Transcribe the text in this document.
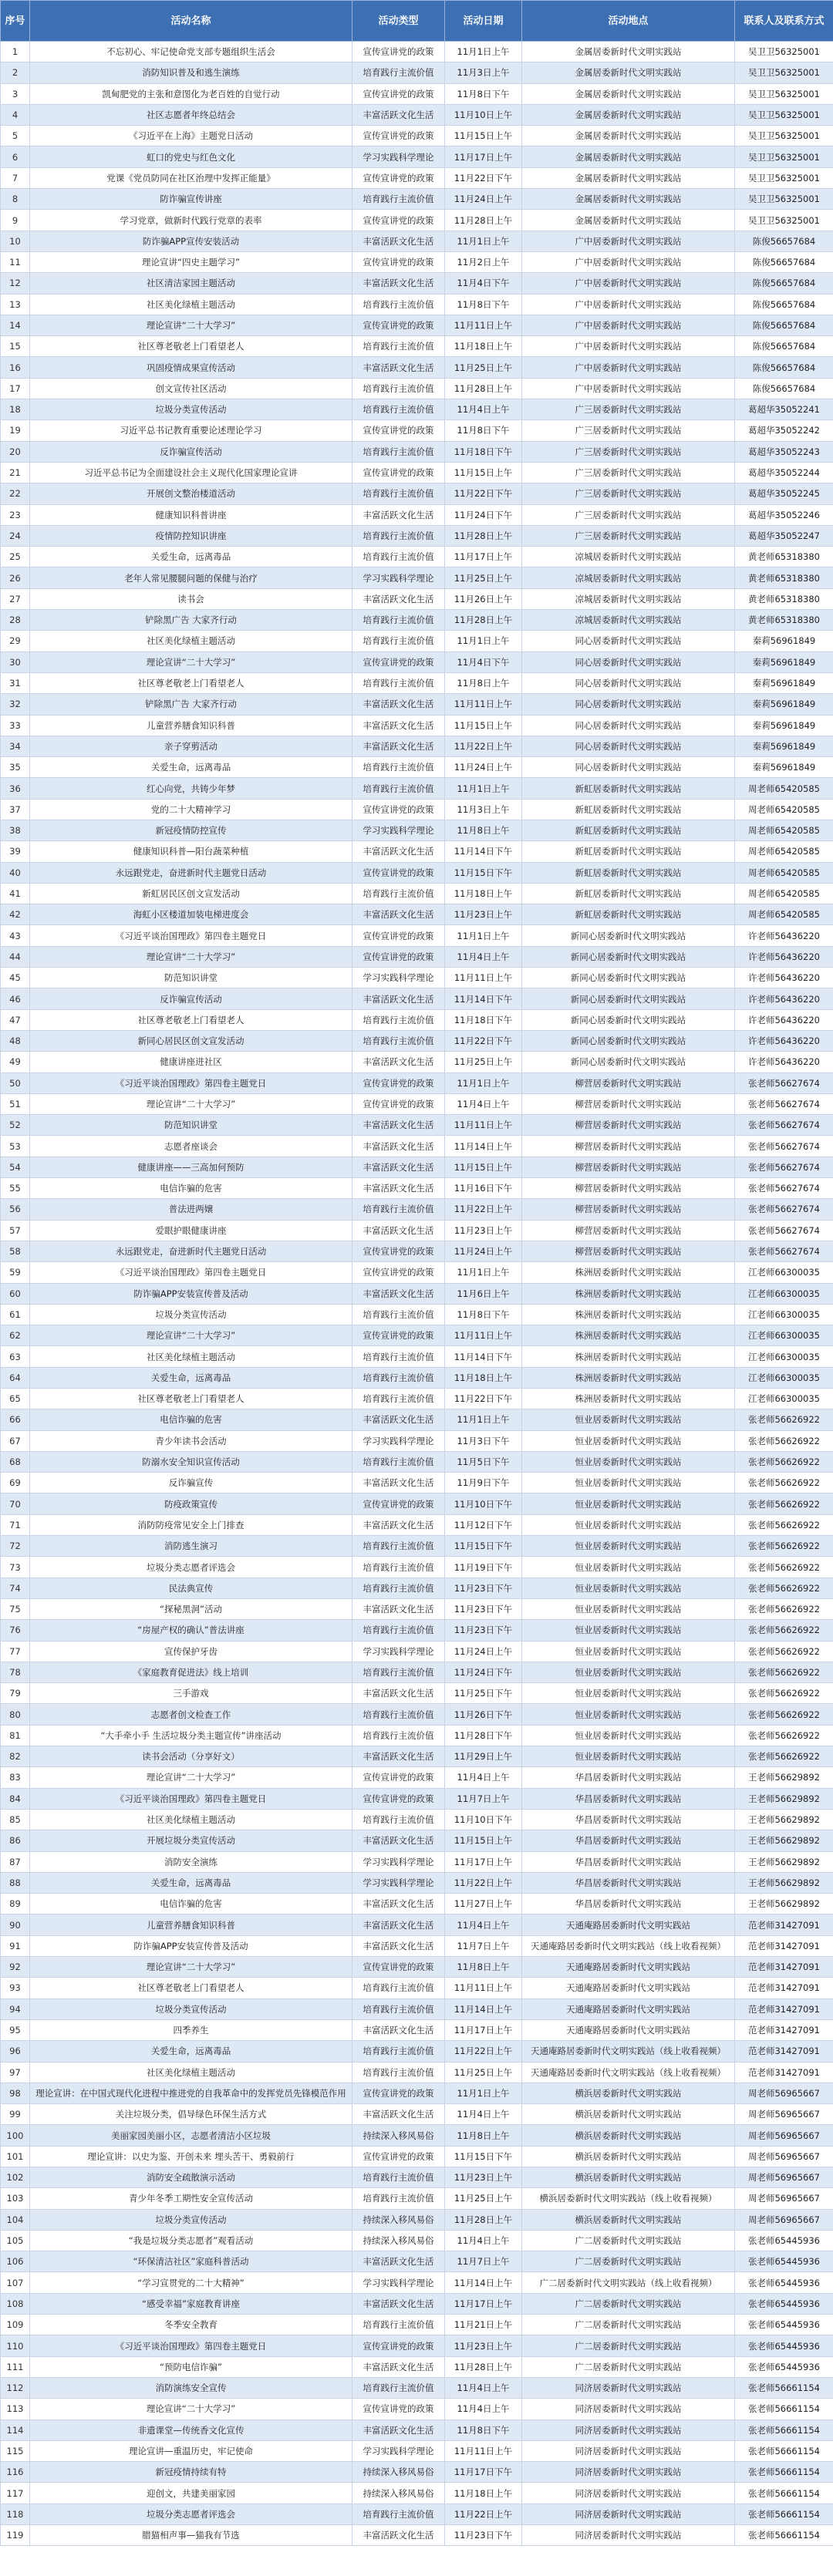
序号	活动名称	活动类型	活动日期	活动地点	联系人及联系方式
1	不忘初心、牢记使命党支部专题组织生活会	宣传宣讲党的政策	11月1日上午	金属居委新时代文明实践站	吴卫卫56325001
2	消防知识普及和逃生演练	培育践行主流价值	11月3日上午	金属居委新时代文明实践站	吴卫卫56325001
3	凯甸肥党的主张和意图化为老百姓的自觉行动	宣传宣讲党的政策	11月8日下午	金属居委新时代文明实践站	吴卫卫56325001
4	社区志愿者年终总结会	丰富活跃文化生活	11月10日上午	金属居委新时代文明实践站	吴卫卫56325001
5	《习近平在上海》主题党日活动	宣传宣讲党的政策	11月15日上午	金属居委新时代文明实践站	吴卫卫56325001
6	虹口的党史与红色文化	学习实践科学理论	11月17日上午	金属居委新时代文明实践站	吴卫卫56325001
7	党课《党员防同在社区治理中发挥正能量》	宣传宣讲党的政策	11月22日下午	金属居委新时代文明实践站	吴卫卫56325001
8	防诈骗宣传讲座	培育践行主流价值	11月24日上午	金属居委新时代文明实践站	吴卫卫56325001
9	学习党章，做新时代践行党章的表率	宣传宣讲党的政策	11月28日上午	金属居委新时代文明实践站	吴卫卫56325001
10	防诈骗APP宣传安装活动	丰富活跃文化生活	11月1日上午	广中居委新时代文明实践站	陈俊56657684
11	理论宣讲“四史主题学习”	宣传宣讲党的政策	11月2日上午	广中居委新时代文明实践站	陈俊56657684
12	社区清洁家园主题活动	丰富活跃文化生活	11月4日下午	广中居委新时代文明实践站	陈俊56657684
13	社区美化绿植主题活动	培育践行主流价值	11月8日下午	广中居委新时代文明实践站	陈俊56657684
14	理论宣讲“二十大学习”	宣传宣讲党的政策	11月11日上午	广中居委新时代文明实践站	陈俊56657684
15	社区尊老敬老上门看望老人	培育践行主流价值	11月18日上午	广中居委新时代文明实践站	陈俊56657684
16	巩固疫情成果宣传活动	丰富活跃文化生活	11月25日上午	广中居委新时代文明实践站	陈俊56657684
17	创文宣传社区活动	培育践行主流价值	11月28日上午	广中居委新时代文明实践站	陈俊56657684
18	垃圾分类宣传活动	培育践行主流价值	11月4日上午	广三居委新时代文明实践站	葛超华35052241
19	习近平总书记教育重要论述理论学习	宣传宣讲党的政策	11月8日下午	广三居委新时代文明实践站	葛超华35052242
20	反诈骗宣传活动	培育践行主流价值	11月18日下午	广三居委新时代文明实践站	葛超华35052243
21	习近平总书记为全面建设社会主义现代化国家理论宣讲	宣传宣讲党的政策	11月15日上午	广三居委新时代文明实践站	葛超华35052244
22	开展创文整治楼道活动	培育践行主流价值	11月22日下午	广三居委新时代文明实践站	葛超华35052245
23	健康知识科普讲座	丰富活跃文化生活	11月24日下午	广三居委新时代文明实践站	葛超华35052246
24	疫情防控知识讲座	培育践行主流价值	11月28日上午	广三居委新时代文明实践站	葛超华35052247
25	关爱生命，远离毒品	培育践行主流价值	11月17日上午	凉城居委新时代文明实践站	黄老师65318380
26	老年人常见腰腿问题的保健与治疗	学习实践科学理论	11月25日上午	凉城居委新时代文明实践站	黄老师65318380
27	读书会	丰富活跃文化生活	11月26日上午	凉城居委新时代文明实践站	黄老师65318380
28	铲除黑广告 大家齐行动	培育践行主流价值	11月28日上午	凉城居委新时代文明实践站	黄老师65318380
29	社区美化绿植主题活动	培育践行主流价值	11月1日上午	同心居委新时代文明实践站	秦莉56961849
30	理论宣讲“二十大学习”	宣传宣讲党的政策	11月4日下午	同心居委新时代文明实践站	秦莉56961849
31	社区尊老敬老上门看望老人	培育践行主流价值	11月8日上午	同心居委新时代文明实践站	秦莉56961849
32	铲除黑广告 大家齐行动	丰富活跃文化生活	11月11日上午	同心居委新时代文明实践站	秦莉56961849
33	儿童营养膳食知识科普	丰富活跃文化生活	11月15日上午	同心居委新时代文明实践站	秦莉56961849
34	亲子穿剪活动	丰富活跃文化生活	11月22日上午	同心居委新时代文明实践站	秦莉56961849
35	关爱生命，远离毒品	培育践行主流价值	11月24日上午	同心居委新时代文明实践站	秦莉56961849
36	红心向党，共铸少年梦	培育践行主流价值	11月1日上午	新虹居委新时代文明实践站	周老师65420585
37	党的二十大精神学习	宣传宣讲党的政策	11月3日上午	新虹居委新时代文明实践站	周老师65420585
38	新冠疫情防控宣传	学习实践科学理论	11月8日上午	新虹居委新时代文明实践站	周老师65420585
39	健康知识科普—阳台蔬菜种植	丰富活跃文化生活	11月14日下午	新虹居委新时代文明实践站	周老师65420585
40	永远跟党走，奋进新时代主题党日活动	宣传宣讲党的政策	11月15日下午	新虹居委新时代文明实践站	周老师65420585
41	新虹居民区创文宣发活动	培育践行主流价值	11月18日上午	新虹居委新时代文明实践站	周老师65420585
42	海虹小区楼道加装电梯进度会	丰富活跃文化生活	11月23日上午	新虹居委新时代文明实践站	周老师65420585
43	《习近平谈治国理政》第四卷主题党日	宣传宣讲党的政策	11月1日上午	新同心居委新时代文明实践站	许老师56436220
44	理论宣讲“二十大学习”	宣传宣讲党的政策	11月4日上午	新同心居委新时代文明实践站	许老师56436220
45	防范知识讲堂	学习实践科学理论	11月11日上午	新同心居委新时代文明实践站	许老师56436220
46	反诈骗宣传活动	丰富活跃文化生活	11月14日下午	新同心居委新时代文明实践站	许老师56436220
47	社区尊老敬老上门看望老人	培育践行主流价值	11月18日下午	新同心居委新时代文明实践站	许老师56436220
48	新同心居民区创文宣发活动	培育践行主流价值	11月22日下午	新同心居委新时代文明实践站	许老师56436220
49	健康讲座进社区	丰富活跃文化生活	11月25日上午	新同心居委新时代文明实践站	许老师56436220
50	《习近平谈治国理政》第四卷主题党日	宣传宣讲党的政策	11月1日上午	柳营居委新时代文明实践站	张老师56627674
51	理论宣讲“二十大学习”	宣传宣讲党的政策	11月4日上午	柳营居委新时代文明实践站	张老师56627674
52	防范知识讲堂	丰富活跃文化生活	11月11日上午	柳营居委新时代文明实践站	张老师56627674
53	志愿者座谈会	丰富活跃文化生活	11月14日上午	柳营居委新时代文明实践站	张老师56627674
54	健康讲座——三高加何预防	丰富活跃文化生活	11月15日上午	柳营居委新时代文明实践站	张老师56627674
55	电信诈骗的危害	丰富活跃文化生活	11月16日下午	柳营居委新时代文明实践站	张老师56627674
56	普法进两嬢	培育践行主流价值	11月22日上午	柳营居委新时代文明实践站	张老师56627674
57	爱眼护眼健康讲座	丰富活跃文化生活	11月23日上午	柳营居委新时代文明实践站	张老师56627674
58	永远跟党走，奋进新时代主题党日活动	宣传宣讲党的政策	11月24日上午	柳营居委新时代文明实践站	张老师56627674
59	《习近平谈治国理政》第四卷主题党日	宣传宣讲党的政策	11月1日上午	株洲居委新时代文明实践站	江老师66300035
60	防诈骗APP安装宣传普及活动	丰富活跃文化生活	11月6日上午	株洲居委新时代文明实践站	江老师66300035
61	垃圾分类宣传活动	培育践行主流价值	11月8日下午	株洲居委新时代文明实践站	江老师66300035
62	理论宣讲“二十大学习”	宣传宣讲党的政策	11月11日上午	株洲居委新时代文明实践站	江老师66300035
63	社区美化绿植主题活动	培育践行主流价值	11月14日下午	株洲居委新时代文明实践站	江老师66300035
64	关爱生命，远离毒品	培育践行主流价值	11月18日上午	株洲居委新时代文明实践站	江老师66300035
65	社区尊老敬老上门看望老人	培育践行主流价值	11月22日下午	株洲居委新时代文明实践站	江老师66300035
66	电信诈骗的危害	丰富活跃文化生活	11月1日上午	恒业居委新时代文明实践站	张老师56626922
67	青少年读书会活动	学习实践科学理论	11月3日下午	恒业居委新时代文明实践站	张老师56626922
68	防溺水安全知识宣传活动	培育践行主流价值	11月5日下午	恒业居委新时代文明实践站	张老师56626922
69	反诈骗宣传	丰富活跃文化生活	11月9日下午	恒业居委新时代文明实践站	张老师56626922
70	防疫政策宣传	宣传宣讲党的政策	11月10日下午	恒业居委新时代文明实践站	张老师56626922
71	消防防疫常见安全上门排查	丰富活跃文化生活	11月12日下午	恒业居委新时代文明实践站	张老师56626922
72	消防逃生演习	培育践行主流价值	11月15日下午	恒业居委新时代文明实践站	张老师56626922
73	垃圾分类志愿者评选会	培育践行主流价值	11月19日下午	恒业居委新时代文明实践站	张老师56626922
74	民法典宣传	培育践行主流价值	11月23日下午	恒业居委新时代文明实践站	张老师56626922
75	“探秘黑洞”活动	丰富活跃文化生活	11月23日下午	恒业居委新时代文明实践站	张老师56626922
76	“房屋产权的确认”普法讲座	培育践行主流价值	11月23日下午	恒业居委新时代文明实践站	张老师56626922
77	宣传保护牙齿	学习实践科学理论	11月24日上午	恒业居委新时代文明实践站	张老师56626922
78	《家庭教育促进法》线上培训	培育践行主流价值	11月24日下午	恒业居委新时代文明实践站	张老师56626922
79	三手游戏	丰富活跃文化生活	11月25日下午	恒业居委新时代文明实践站	张老师56626922
80	志愿者创文检查工作	培育践行主流价值	11月26日下午	恒业居委新时代文明实践站	张老师56626922
81	“大手牵小手 生活垃圾分类主题宣传”讲座活动	培育践行主流价值	11月28日下午	恒业居委新时代文明实践站	张老师56626922
82	读书会活动（分享好文）	丰富活跃文化生活	11月29日上午	恒业居委新时代文明实践站	张老师56626922
83	理论宣讲“二十大学习”	宣传宣讲党的政策	11月4日上午	华昌居委新时代文明实践站	王老师56629892
84	《习近平谈治国理政》第四卷主题党日	宣传宣讲党的政策	11月7日上午	华昌居委新时代文明实践站	王老师56629892
85	社区美化绿植主题活动	培育践行主流价值	11月10日下午	华昌居委新时代文明实践站	王老师56629892
86	开展垃圾分类宣传活动	丰富活跃文化生活	11月15日上午	华昌居委新时代文明实践站	王老师56629892
87	消防安全演练	学习实践科学理论	11月17日上午	华昌居委新时代文明实践站	王老师56629892
88	关爱生命，远离毒品	学习实践科学理论	11月22日上午	华昌居委新时代文明实践站	王老师56629892
89	电信诈骗的危害	丰富活跃文化生活	11月27日上午	华昌居委新时代文明实践站	王老师56629892
90	儿童营养膳食知识科普	丰富活跃文化生活	11月4日上午	天通庵路居委新时代文明实践站	范老师31427091
91	防诈骗APP安装宣传普及活动	丰富活跃文化生活	11月7日上午	天通庵路居委新时代文明实践站（线上收看视频）	范老师31427091
92	理论宣讲“二十大学习”	宣传宣讲党的政策	11月8日上午	天通庵路居委新时代文明实践站	范老师31427091
93	社区尊老敬老上门看望老人	培育践行主流价值	11月11日上午	天通庵路居委新时代文明实践站	范老师31427091
94	垃圾分类宣传活动	培育践行主流价值	11月14日上午	天通庵路居委新时代文明实践站	范老师31427091
95	四季养生	丰富活跃文化生活	11月17日上午	天通庵路居委新时代文明实践站	范老师31427091
96	关爱生命，远离毒品	培育践行主流价值	11月22日上午	天通庵路居委新时代文明实践站（线上收看视频）	范老师31427091
97	社区美化绿植主题活动	培育践行主流价值	11月25日上午	天通庵路居委新时代文明实践站（线上收看视频）	范老师31427091
98	理论宣讲：在中国式现代化进程中推进党的自我革命中的发挥党员先锋模范作用	宣传宣讲党的政策	11月1日上午	横浜居委新时代文明实践站	周老师56965667
99	关注垃圾分类，倡导绿色环保生活方式	丰富活跃文化生活	11月4日上午	横浜居委新时代文明实践站	周老师56965667
100	美丽家园美丽小区，志愿者清洁小区垃圾	持续深入移风易俗	11月8日上午	横浜居委新时代文明实践站	周老师56965667
101	理论宣讲：以史为鉴、开创未来 埋头苦干、勇毅前行	宣传宣讲党的政策	11月15日下午	横浜居委新时代文明实践站	周老师56965667
102	消防安全疏散演示活动	培育践行主流价值	11月23日上午	横浜居委新时代文明实践站	周老师56965667
103	青少年冬季工期性安全宣传活动	培育践行主流价值	11月25日上午	横浜居委新时代文明实践站（线上收看视频）	周老师56965667
104	垃圾分类宣传活动	持续深入移风易俗	11月28日上午	横浜居委新时代文明实践站	周老师56965667
105	“我是垃圾分类志愿者”观看活动	持续深入移风易俗	11月4日上午	广二居委新时代文明实践站	张老师65445936
106	“环保清洁社区”家庭科普活动	丰富活跃文化生活	11月7日上午	广二居委新时代文明实践站	张老师65445936
107	“学习宣贯党的二十大精神”	学习实践科学理论	11月14日上午	广二居委新时代文明实践站（线上收看视频）	张老师65445936
108	“感受幸福”家庭教育讲座	丰富活跃文化生活	11月17日上午	广二居委新时代文明实践站	张老师65445936
109	冬季安全教育	培育践行主流价值	11月21日上午	广二居委新时代文明实践站	张老师65445936
110	《习近平谈治国理政》第四卷主题党日	宣传宣讲党的政策	11月23日上午	广二居委新时代文明实践站	张老师65445936
111	“预防电信诈骗”	丰富活跃文化生活	11月28日上午	广二居委新时代文明实践站	张老师65445936
112	消防演练安全宣传	培育践行主流价值	11月4日上午	同济居委新时代文明实践站	张老师56661154
113	理论宣讲“二十大学习”	宣传宣讲党的政策	11月4日上午	同济居委新时代文明实践站	张老师56661154
114	非遗课堂—传统香文化宣传	丰富活跃文化生活	11月8日下午	同济居委新时代文明实践站	张老师56661154
115	理论宣讲—重温历史，牢记使命	学习实践科学理论	11月11日上午	同济居委新时代文明实践站	张老师56661154
116	新冠疫情持续有特	持续深入移风易俗	11月17日下午	同济居委新时代文明实践站	张老师56661154
117	迎创文，共建美丽家园	持续深入移风易俗	11月18日上午	同济居委新时代文明实践站	张老师56661154
118	垃圾分类志愿者评选会	培育践行主流价值	11月22日上午	同济居委新时代文明实践站	张老师56661154
119	腊猫相声事—猫我有节选	丰富活跃文化生活	11月23日下午	同济居委新时代文明实践站	张老师56661154
